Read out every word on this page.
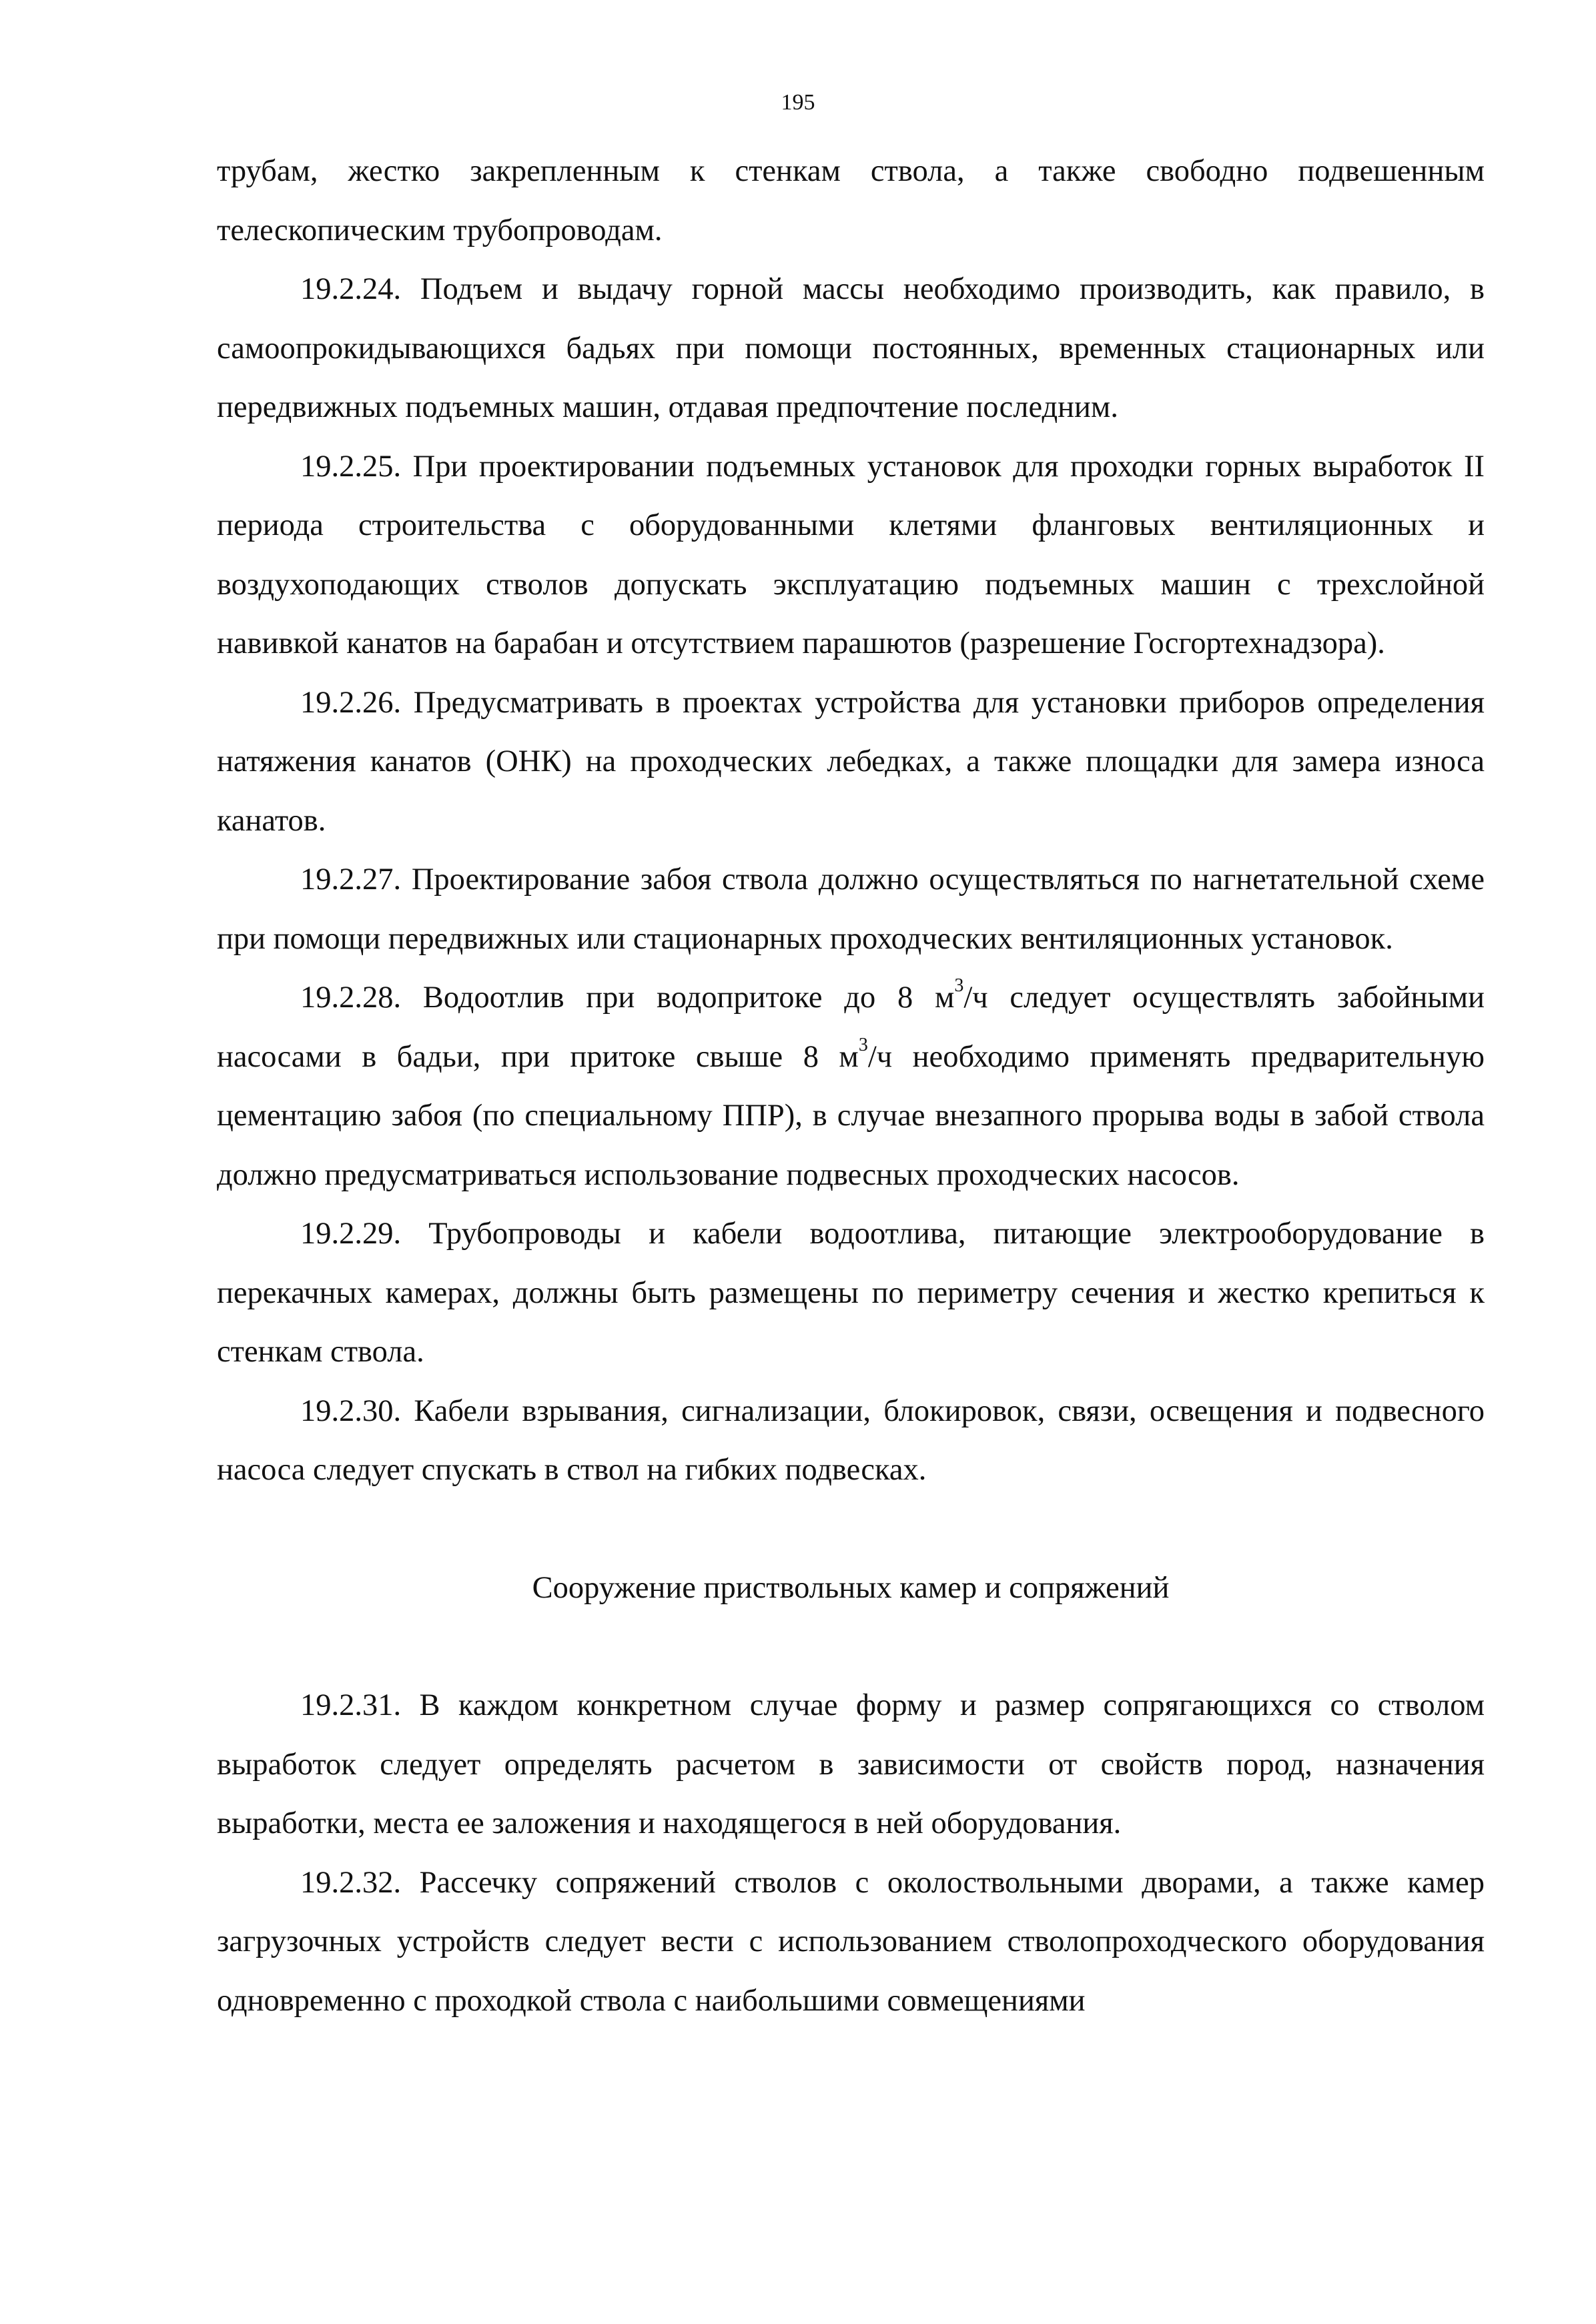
195

трубам, жестко закрепленным к стенкам ствола, а также свободно подвешенным телескопическим трубопроводам.

19.2.24. Подъем и выдачу горной массы необходимо производить, как правило, в самоопрокидывающихся бадьях при помощи постоянных, временных стационарных или передвижных подъемных машин, отдавая предпочтение последним.

19.2.25. При проектировании подъемных установок для проходки горных выработок II периода строительства с оборудованными клетями фланговых вентиляционных и воздухоподающих стволов допускать эксплуатацию подъемных машин с трехслойной навивкой канатов на барабан и отсутствием парашютов (разрешение Госгортехнадзора).

19.2.26. Предусматривать в проектах устройства для установки приборов определения натяжения канатов (ОНК) на проходческих лебедках, а также площадки для замера износа канатов.

19.2.27. Проектирование забоя ствола должно осуществляться по нагнетательной схеме при помощи передвижных или стационарных проходческих вентиляционных установок.

19.2.28. Водоотлив при водопритоке до 8 $м^3/ч$ следует осуществлять забойными насосами в бадьи, при притоке свыше 8 $м^3/ч$ необходимо применять предварительную цементацию забоя (по специальному ППР), в случае внезапного прорыва воды в забой ствола должно предусматриваться использование подвесных проходческих насосов.

19.2.29. Трубопроводы и кабели водоотлива, питающие электрооборудование в перекачных камерах, должны быть размещены по периметру сечения и жестко крепиться к стенкам ствола.

19.2.30. Кабели взрывания, сигнализации, блокировок, связи, освещения и подвесного насоса следует спускать в ствол на гибких подвесках.

Сооружение приствольных камер и сопряжений

19.2.31. В каждом конкретном случае форму и размер сопрягающихся со стволом выработок следует определять расчетом в зависимости от свойств пород, назначения выработки, места ее заложения и находящегося в ней оборудования.

19.2.32. Рассечку сопряжений стволов с околоствольными дворами, а также камер загрузочных устройств следует вести с использованием стволопроходческого оборудования одновременно с проходкой ствола с наибольшими совмещениями
